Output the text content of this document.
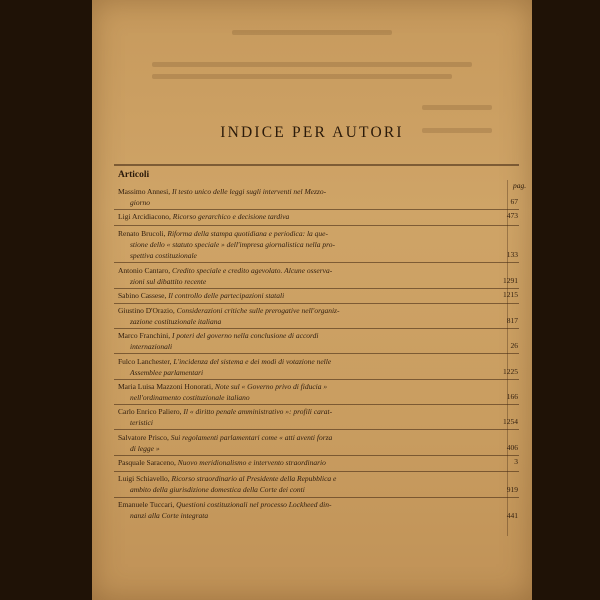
INDICE PER AUTORI
Articoli
pag.
Massimo Annesi, Il testo unico delle leggi sugli interventi nel Mezzo-
giorno	67
Ligi Arcidiacono, Ricorso gerarchico e decisione tardiva	473
Renato Brucoli, Riforma della stampa quotidiana e periodica: la que-
stione dello « statuto speciale » dell'impresa giornalistica nella pro-
spettiva costituzionale	133
Antonio Cantaro, Credito speciale e credito agevolato. Alcune osserva-
zioni sul dibattito recente	1291
Sabino Cassese, Il controllo delle partecipazioni statali	1215
Giustino D'Orazio, Considerazioni critiche sulle prerogative nell'organiz-
zazione costituzionale italiana	817
Marco Franchini, I poteri del governo nella conclusione di accordi
internazionali	26
Fulco Lanchester, L'incidenza del sistema e dei modi di votazione nelle
Assemblee parlamentari	1225
Maria Luisa Mazzoni Honorati, Note sul « Governo privo di fiducia »
nell'ordinamento costituzionale italiano	166
Carlo Enrico Paliero, Il « diritto penale amministrativo »: profili carat-
teristici	1254
Salvatore Prisco, Sui regolamenti parlamentari come « atti aventi forza
di legge »	406
Pasquale Saraceno, Nuovo meridionalismo e intervento straordinario	3
Luigi Schiavello, Ricorso straordinario al Presidente della Repubblica e
ambito della giurisdizione domestica della Corte dei conti	919
Emanuele Tuccari, Questioni costituzionali nel processo Lockheed din-
nanzi alla Corte integrata	441
